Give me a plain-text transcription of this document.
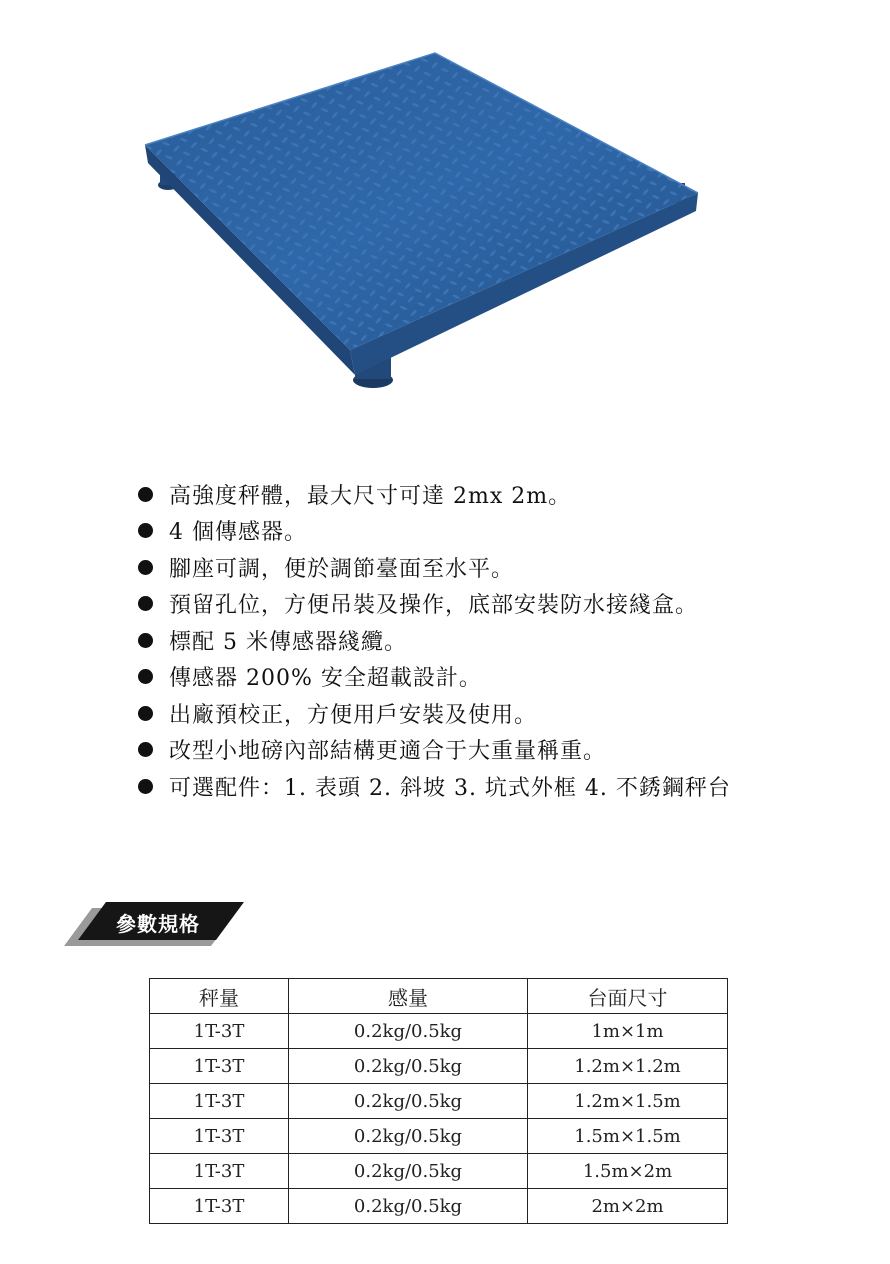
高強度秤體，最大尺寸可達 2mx 2m。
4 個傳感器。
腳座可調，便於調節臺面至水平。
預留孔位，方便吊裝及操作，底部安裝防水接綫盒。
標配 5 米傳感器綫纜。
傳感器 200% 安全超載設計。
出廠預校正，方便用戶安裝及使用。
改型小地磅內部結構更適合于大重量稱重。
可選配件：1. 表頭 2. 斜坡 3. 坑式外框 4. 不銹鋼秤台
參數規格
秤量	感量	台面尺寸
1T-3T	0.2kg/0.5kg	1m×1m
1T-3T	0.2kg/0.5kg	1.2m×1.2m
1T-3T	0.2kg/0.5kg	1.2m×1.5m
1T-3T	0.2kg/0.5kg	1.5m×1.5m
1T-3T	0.2kg/0.5kg	1.5m×2m
1T-3T	0.2kg/0.5kg	2m×2m
